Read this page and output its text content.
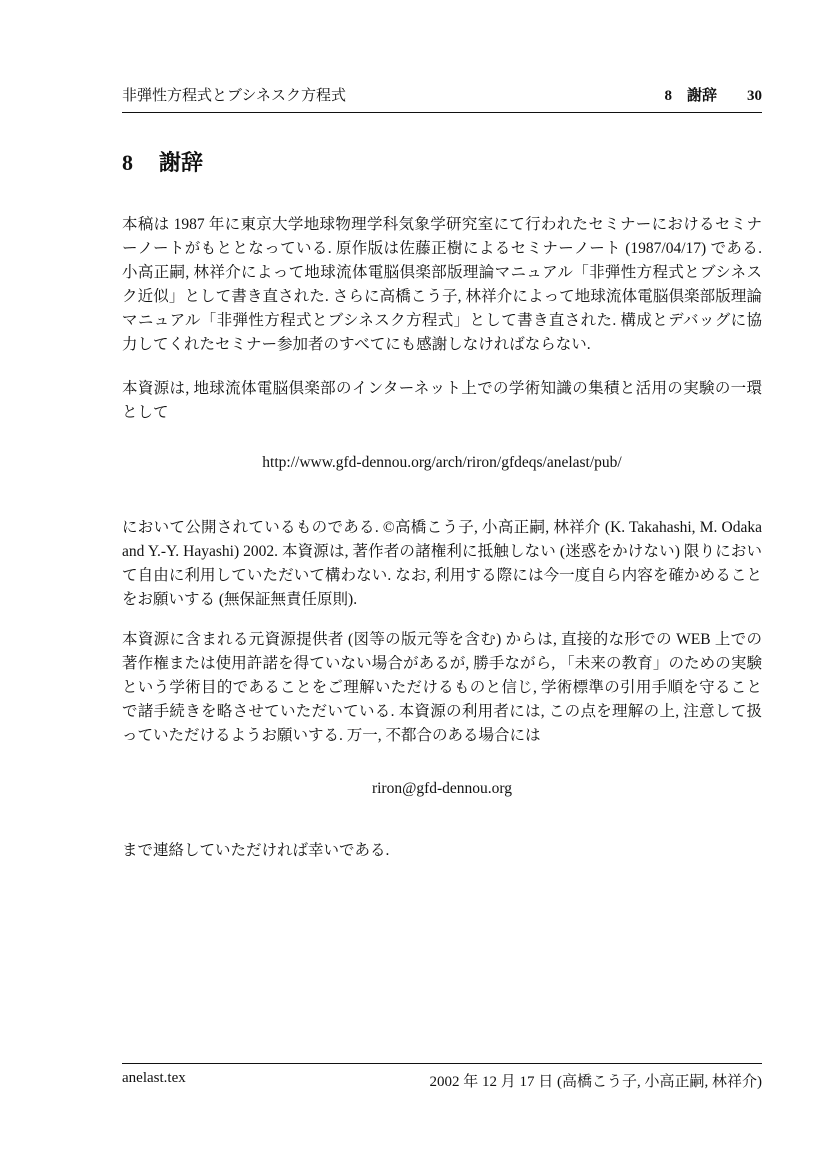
非弾性方程式とブシネスク方程式	8　謝辞 30
8 謝辞

本稿は 1987 年に東京大学地球物理学科気象学研究室にて行われたセミナーにおけるセミナーノートがもととなっている. 原作版は佐藤正樹によるセミナーノート (1987/04/17) である. 小高正嗣, 林祥介によって地球流体電脳倶楽部版理論マニュアル「非弾性方程式とブシネスク近似」として書き直された. さらに高橋こう子, 林祥介によって地球流体電脳倶楽部版理論マニュアル「非弾性方程式とブシネスク方程式」として書き直された. 構成とデバッグに協力してくれたセミナー参加者のすべてにも感謝しなければならない.

本資源は, 地球流体電脳倶楽部のインターネット上での学術知識の集積と活用の実験の一環として

http://www.gfd-dennou.org/arch/riron/gfdeqs/anelast/pub/

において公開されているものである. ©高橋こう子, 小高正嗣, 林祥介 (K. Takahashi, M. Odaka and Y.-Y. Hayashi) 2002. 本資源は, 著作者の諸権利に抵触しない (迷惑をかけない) 限りにおいて自由に利用していただいて構わない. なお, 利用する際には今一度自ら内容を確かめることをお願いする (無保証無責任原則).

本資源に含まれる元資源提供者 (図等の版元等を含む) からは, 直接的な形での WEB 上での著作権または使用許諾を得ていない場合があるが, 勝手ながら, 「未来の教育」のための実験という学術目的であることをご理解いただけるものと信じ, 学術標準の引用手順を守ることで諸手続きを略させていただいている. 本資源の利用者には, この点を理解の上, 注意して扱っていただけるようお願いする. 万一, 不都合のある場合には

riron@gfd-dennou.org

まで連絡していただければ幸いである.

anelast.tex	2002 年 12 月 17 日 (高橋こう子, 小高正嗣, 林祥介)
